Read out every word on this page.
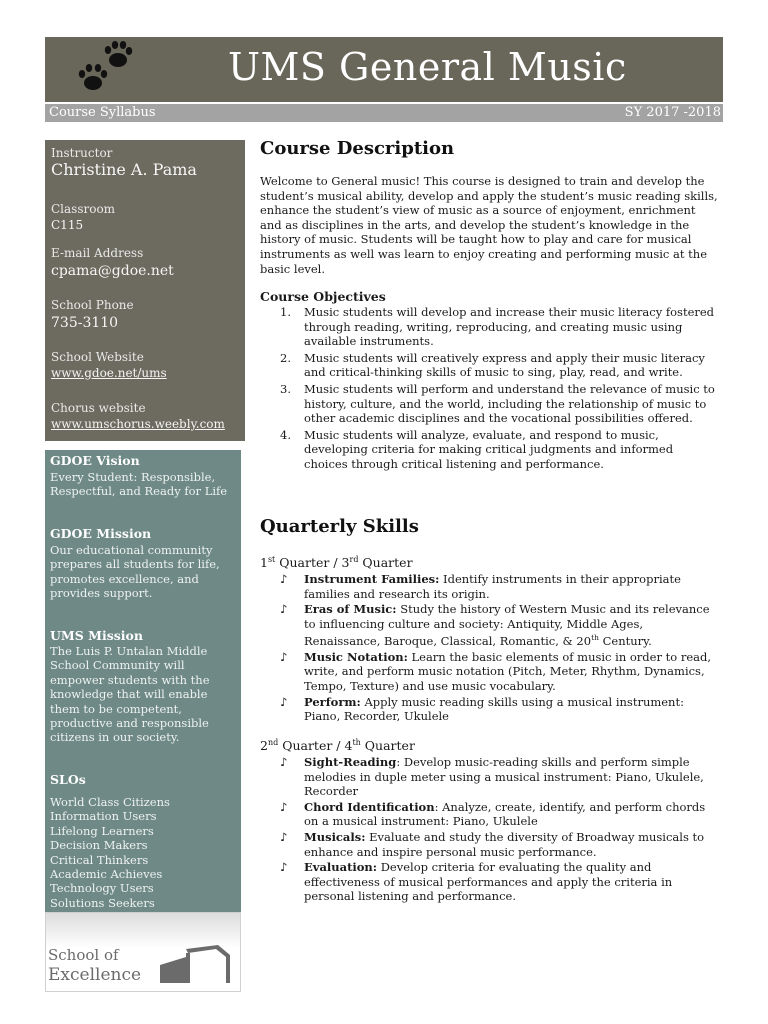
UMS General Music
Course Syllabus	SY 2017 -2018
Instructor
Christine A. Pama
Classroom
C115
E-mail Address
cpama@gdoe.net
School Phone
735-3110
School Website
www.gdoe.net/ums
Chorus website
www.umschorus.weebly.com
GDOE Vision
Every Student: Responsible, Respectful, and Ready for Life
GDOE Mission
Our educational community prepares all students for life, promotes excellence, and provides support.
UMS Mission
The Luis P. Untalan Middle School Community will empower students with the knowledge that will enable them to be competent, productive and responsible citizens in our society.
SLOs
World Class Citizens
Information Users
Lifelong Learners
Decision Makers
Critical Thinkers
Academic Achieves
Technology Users
Solutions Seekers
School of
Excellence
Course Description

Welcome to General music! This course is designed to train and develop the student’s musical ability, develop and apply the student’s music reading skills, enhance the student’s view of music as a source of enjoyment, enrichment and as disciplines in the arts, and develop the student’s knowledge in the history of music. Students will be taught how to play and care for musical instruments as well was learn to enjoy creating and performing music at the basic level.

Course Objectives
1. Music students will develop and increase their music literacy fostered through reading, writing, reproducing, and creating music using available instruments.
2. Music students will creatively express and apply their music literacy and critical-thinking skills of music to sing, play, read, and write.
3. Music students will perform and understand the relevance of music to history, culture, and the world, including the relationship of music to other academic disciplines and the vocational possibilities offered.
4. Music students will analyze, evaluate, and respond to music, developing criteria for making critical judgments and informed choices through critical listening and performance.
Quarterly Skills
1st Quarter / 3rd Quarter
♪ Instrument Families: Identify instruments in their appropriate families and research its origin.
♪ Eras of Music: Study the history of Western Music and its relevance to influencing culture and society: Antiquity, Middle Ages, Renaissance, Baroque, Classical, Romantic, & 20th Century.
♪ Music Notation: Learn the basic elements of music in order to read, write, and perform music notation (Pitch, Meter, Rhythm, Dynamics, Tempo, Texture) and use music vocabulary.
♪ Perform: Apply music reading skills using a musical instrument: Piano, Recorder, Ukulele
2nd Quarter / 4th Quarter
♪ Sight-Reading: Develop music-reading skills and perform simple melodies in duple meter using a musical instrument: Piano, Ukulele, Recorder
♪ Chord Identification: Analyze, create, identify, and perform chords on a musical instrument: Piano, Ukulele
♪ Musicals: Evaluate and study the diversity of Broadway musicals to enhance and inspire personal music performance.
♪ Evaluation: Develop criteria for evaluating the quality and effectiveness of musical performances and apply the criteria in personal listening and performance.
